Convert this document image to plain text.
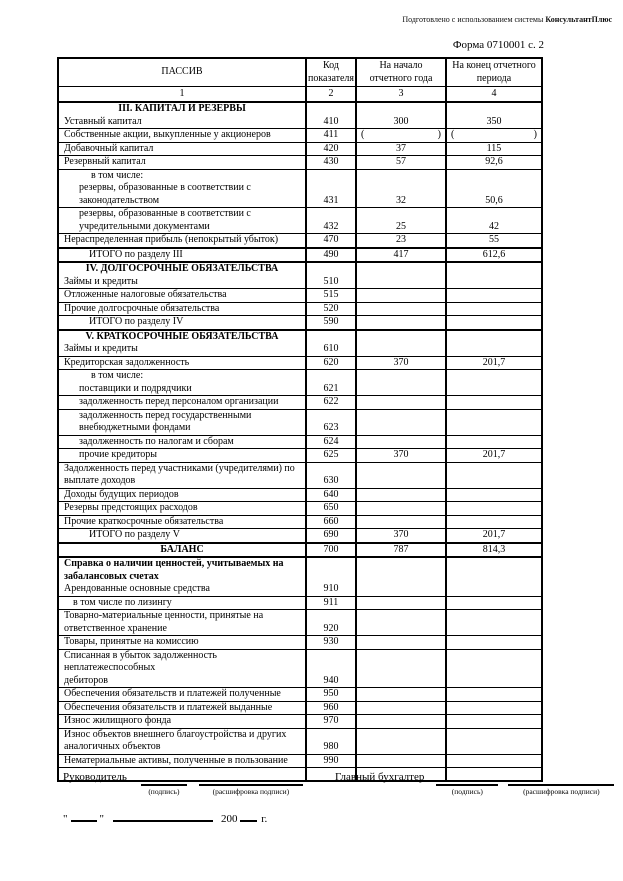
Подготовлено с использованием системы КонсультантПлюс
Форма 0710001 с. 2
ПАССИВ	Код показателя	На начало отчетного года	На конец отчетного периода
1	2	3	4

III. КАПИТАЛ И РЕЗЕРВЫ
Уставный капитал	410	300	350

Собственные акции, выкупленные у акционеров	411	( )	( )

Добавочный капитал	420	37	115

Резервный капитал	430	57	92,6

в том числе:
резервы, образованные в соответствии с
законодательством	431	32	50,6

резервы, образованные в соответствии с
учредительными документами	432	25	42

Нераспределенная прибыль (непокрытый убыток)	470	23	55

ИТОГО по разделу III	490	417	612,6

IV. ДОЛГОСРОЧНЫЕ ОБЯЗАТЕЛЬСТВА
Займы и кредиты	510		

Отложенные налоговые обязательства	515		

Прочие долгосрочные обязательства	520		

ИТОГО по разделу IV	590		

V. КРАТКОСРОЧНЫЕ ОБЯЗАТЕЛЬСТВА
Займы и кредиты	610		

Кредиторская задолженность	620	370	201,7

в том числе:
поставщики и подрядчики	621		

задолженность перед персоналом организации	622		

задолженность перед государственными
внебюджетными фондами	623		

задолженность по налогам и сборам	624		

прочие кредиторы	625	370	201,7

Задолженность перед участниками (учредителями) по
выплате доходов	630		

Доходы будущих периодов	640		

Резервы предстоящих расходов	650		

Прочие краткосрочные обязательства	660		

ИТОГО по разделу V	690	370	201,7

БАЛАНС	700	787	814,3

Справка о наличии ценностей, учитываемых на
забалансовых счетах
Арендованные основные средства	910		

в том числе по лизингу	911		

Товарно-материальные ценности, принятые на
ответственное хранение	920		

Товары, принятые на комиссию	930		

Списанная в убыток задолженность неплатежеспособных
дебиторов	940		

Обеспечения обязательств и платежей полученные	950		

Обеспечения обязательств и платежей выданные	960		

Износ жилищного фонда	970		

Износ объектов внешнего благоустройства и других
аналогичных объектов	980		

Нематериальные активы, полученные в пользование	990		

Руководитель
(подпись)	(расшифровка подписи)
Главный бухгалтер
(подпись)	(расшифровка подписи)
"	"	200 г.
